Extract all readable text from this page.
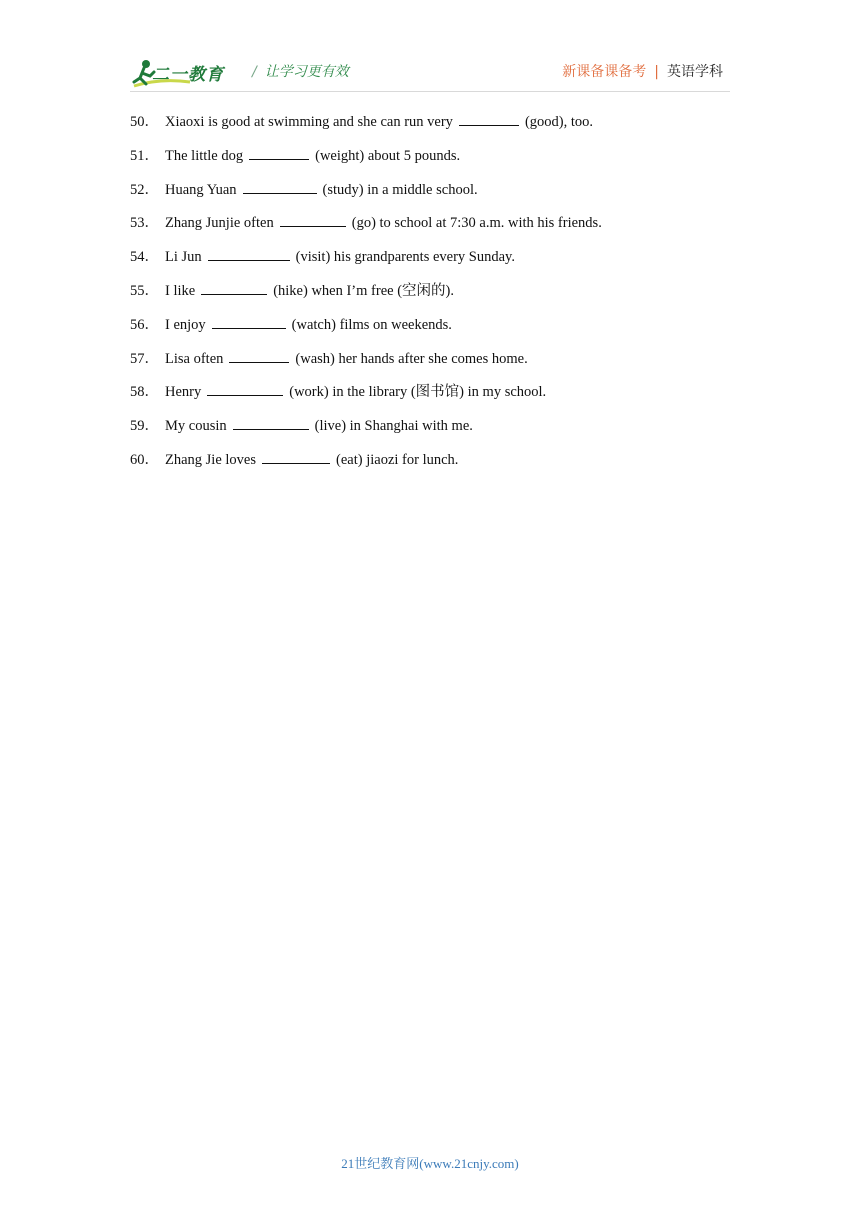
二一教育 / 让学习更有效	新课备课备考 | 英语学科
50． Xiaoxi is good at swimming and she can run very	(good), too.
51． The little dog	(weight) about 5 pounds.
52． Huang Yuan	(study) in a middle school.
53． Zhang Junjie often	(go) to school at 7:30 a.m. with his friends.
54． Li Jun	(visit) his grandparents every Sunday.
55． I like	(hike) when I’m free (空闲的).
56． I enjoy	(watch) films on weekends.
57． Lisa often	(wash) her hands after she comes home.
58． Henry	(work) in the library (图书馆) in my school.
59． My cousin	(live) in Shanghai with me.
60． Zhang Jie loves	(eat) jiaozi for lunch.
21世纪教育网(www.21cnjy.com)
